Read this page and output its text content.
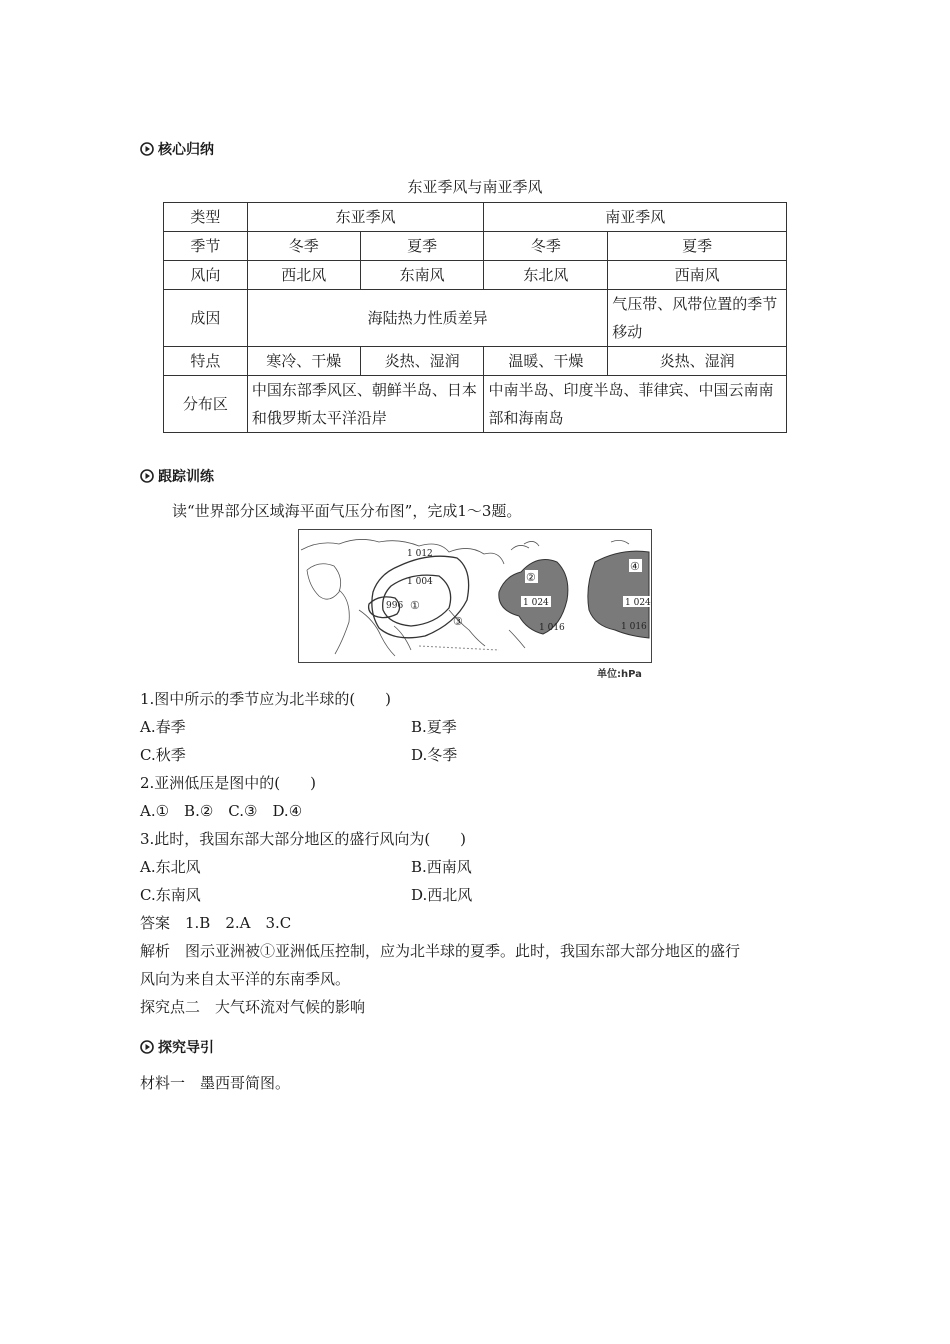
核心归纳
东亚季风与南亚季风
类型	东亚季风		南亚季风	
季节	冬季	夏季	冬季	夏季
风向	西北风	东南风	东北风	西南风
成因	海陆热力性质差异			气压带、风带位置的季节移动
特点	寒冷、干燥	炎热、湿润	温暖、干燥	炎热、湿润
分布区	中国东部季风区、朝鲜半岛、日本和俄罗斯太平洋沿岸		中南半岛、印度半岛、菲律宾、中国云南南部和海南岛	
跟踪训练
读“世界部分区域海平面气压分布图”，完成1～3题。
1 012
1 004
996 ①
②
③
④
1 024
1 016
1 024
1 016
单位:hPa
1.图中所示的季节应为北半球的(　　)
A.春季	B.夏季
C.秋季	D.冬季
2.亚洲低压是图中的(　　)
A.①　B.②　C.③　D.④
3.此时，我国东部大部分地区的盛行风向为(　　)
A.东北风	B.西南风
C.东南风	D.西北风
答案　1.B　2.A　3.C
解析　图示亚洲被①亚洲低压控制，应为北半球的夏季。此时，我国东部大部分地区的盛行
风向为来自太平洋的东南季风。
探究点二　大气环流对气候的影响
探究导引
材料一　墨西哥简图。
